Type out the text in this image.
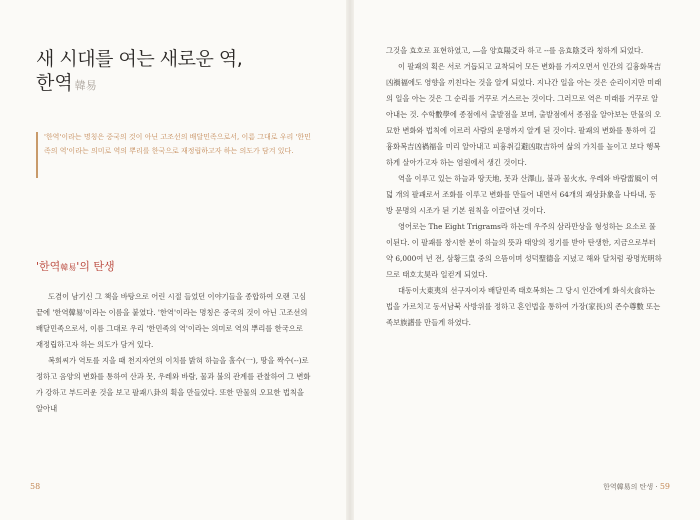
새 시대를 여는 새로운 역,
한역 韓易
'한역'이라는 명칭은 중국의 것이 아닌 고조선의 배달민족으로서, 이름 그대로 우리 '한민족의 역'이라는 의미로 역의 뿌리를 한국으로 재정립하고자 하는 의도가 담겨 있다.
'한역韓易'의 탄생

도겸이 남기신 그 책을 바탕으로 어린 시절 들었던 이야기들을 종합하여 오랜 고심 끝에 '한역韓易'이라는 이름을 붙였다. '한역'이라는 명칭은 중국의 것이 아닌 고조선의 배달민족으로서, 이름 그대로 우리 '한민족의 역'이라는 의미로 역의 뿌리를 한국으로 재정립하고자 하는 의도가 담겨 있다.

복희씨가 역토를 지을 때 천지자연의 이치를 밝혀 하늘을 홀수(一), 땅을 짝수(--)로 정하고 음양의 변화를 통하여 산과 못, 우레와 바람, 물과 불의 관계를 관찰하여 그 변화가 강하고 부드러운 것을 보고 팔괘八卦의 획을 만들었다. 또한 만물의 오묘한 법칙을 알아내

58

그것을 효호로 표현하였고, ―을 양효陽爻라 하고 --를 음효陰爻라 칭하게 되었다.

이 팔괘의 획은 서로 거듭되고 교착되어 모든 변화를 가져오면서 인간의 길흉화복吉凶禍福에도 영향을 끼친다는 것을 알게 되었다. 지나간 일을 아는 것은 순리이지만 미래의 일을 아는 것은 그 순리를 거꾸로 거스르는 것이다. 그러므로 역은 미래를 거꾸로 알아내는 것. 수학數學에 종점에서 출발점을 보며, 출발점에서 종점을 알아보는 만물의 오묘한 변화와 법칙에 이르러 사람의 운명까지 알게 된 것이다. 팔괘의 변화를 통하여 길흉화복吉凶禍福을 미리 알아내고 피흉취길避凶取吉하여 삶의 가치를 높이고 보다 행복하게 살아가고자 하는 염원에서 생긴 것이다.

역을 이루고 있는 하늘과 땅天地, 못과 산澤山, 불과 물火水, 우레와 바람雷風이 여덟 개의 팔괘로서 조화를 이루고 변화를 만들어 내면서 64개의 괘상卦象을 나타내, 동방 문명의 시조가 된 기본 원칙을 이끌어낸 것이다.

영어로는 The Eight Trigrams라 하는데 우주의 삼라만상을 형성하는 요소로 풀이된다. 이 팔괘를 창시한 분이 하늘의 뜻과 태양의 정기를 받아 탄생한, 지금으로부터 약 6,000여 년 전, 삼황三皇 중의 으뜸이며 성덕聖德을 지녔고 해와 달처럼 광명光明하므로 태호太昊라 일컫게 되었다.

대동이大東夷의 선구자이자 배달민족 태호복희는 그 당시 인간에게 화식火食하는 법을 가르치고 동서남북 사방위를 정하고 혼인법을 통하여 가장(家長)의 존수尊數 또는 족보族譜를 만들게 하였다.

한역韓易의 탄생 · 59
